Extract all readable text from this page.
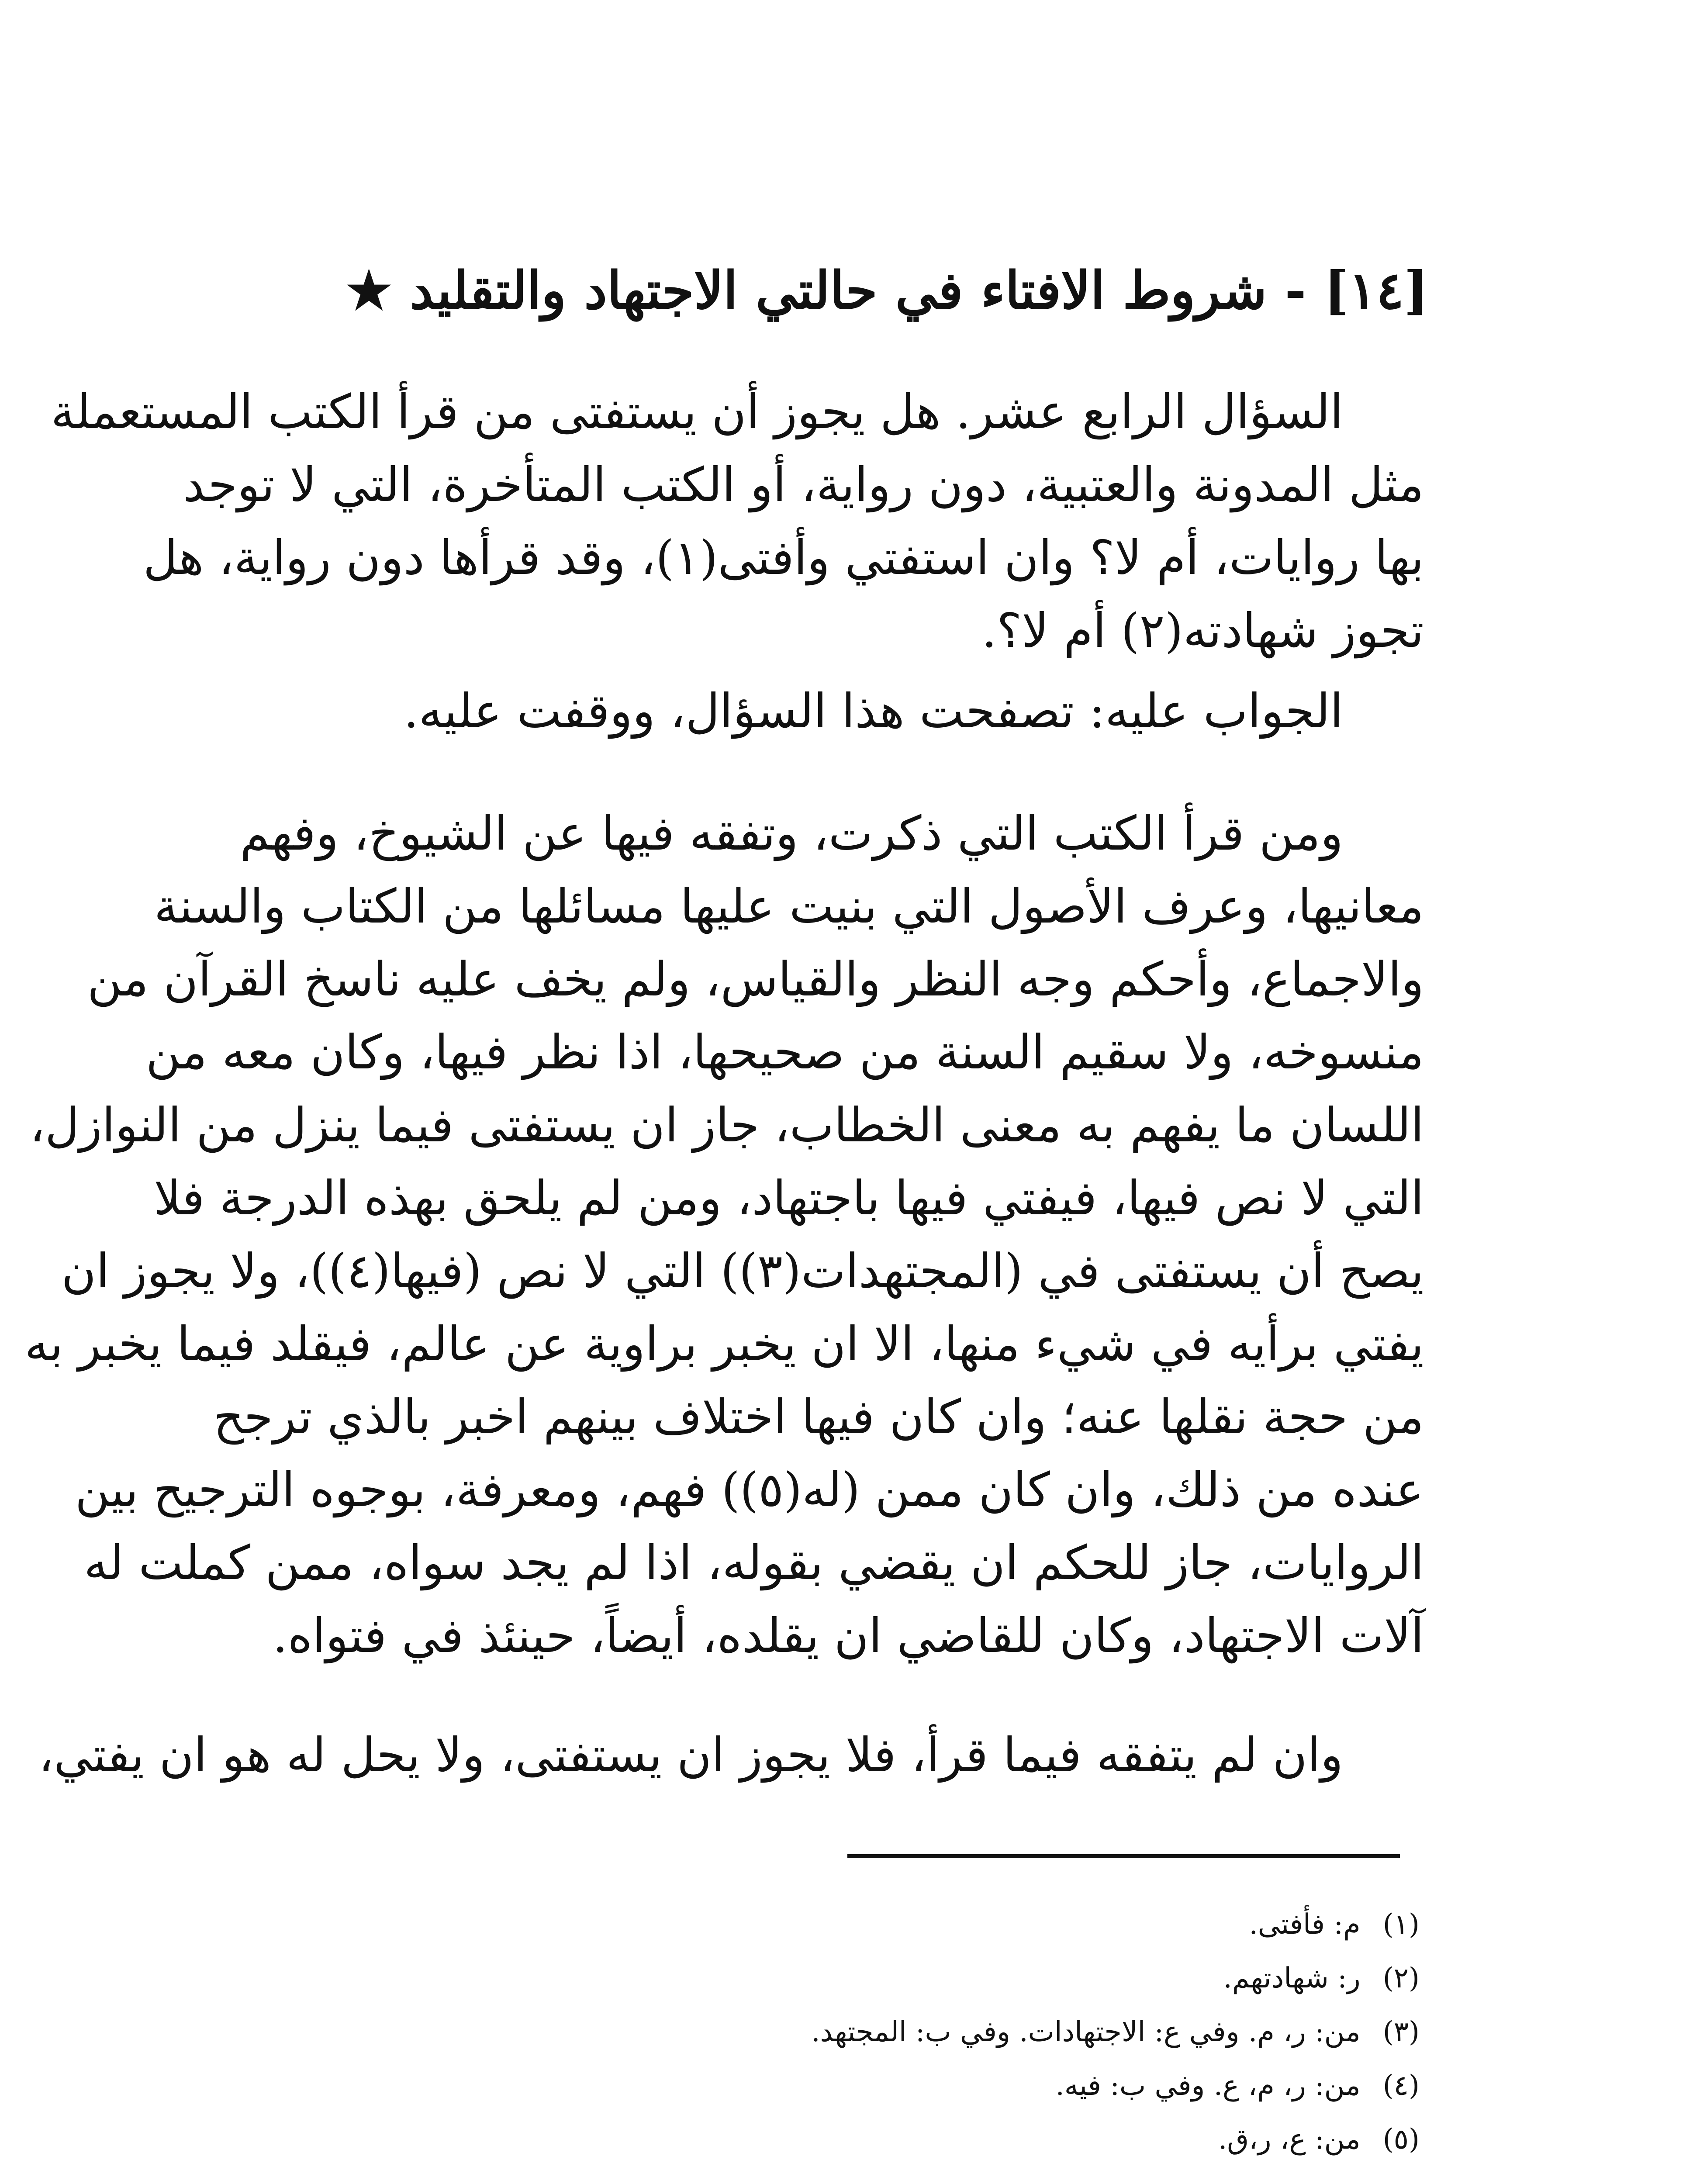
[١٤] - شروط الافتاء في حالتي الاجتهاد والتقليد ★

السؤال الرابع عشر. هل يجوز أن يستفتى من قرأ الكتب المستعملة
مثل المدونة والعتبية، دون رواية، أو الكتب المتأخرة، التي لا توجد
بها روايات، أم لا؟ وان استفتي وأفتى(١)، وقد قرأها دون رواية، هل
تجوز شهادته(٢) أم لا؟.

الجواب عليه: تصفحت هذا السؤال، ووقفت عليه.

ومن قرأ الكتب التي ذكرت، وتفقه فيها عن الشيوخ، وفهم
معانيها، وعرف الأصول التي بنيت عليها مسائلها من الكتاب والسنة
والاجماع، وأحكم وجه النظر والقياس، ولم يخف عليه ناسخ القرآن من
منسوخه، ولا سقيم السنة من صحيحها، اذا نظر فيها، وكان معه من
اللسان ما يفهم به معنى الخطاب، جاز ان يستفتى فيما ينزل من النوازل،
التي لا نص فيها، فيفتي فيها باجتهاد، ومن لم يلحق بهذه الدرجة فلا
يصح أن يستفتى في (المجتهدات(٣)) التي لا نص (فيها(٤))، ولا يجوز ان
يفتي برأيه في شيء منها، الا ان يخبر براوية عن عالم، فيقلد فيما يخبر به
من حجة نقلها عنه؛ وان كان فيها اختلاف بينهم اخبر بالذي ترجح
عنده من ذلك، وان كان ممن (له(٥)) فهم، ومعرفة، بوجوه الترجيح بين
الروايات، جاز للحكم ان يقضي بقوله، اذا لم يجد سواه، ممن كملت له
آلات الاجتهاد، وكان للقاضي ان يقلده، أيضاً، حينئذ في فتواه.

وان لم يتفقه فيما قرأ، فلا يجوز ان يستفتى، ولا يحل له هو ان يفتي،

(١) م: فأفتى.
(٢) ر: شهادتهم.
(٣) من: ر، م. وفي ع: الاجتهادات. وفي ب: المجتهد.
(٤) من: ر، م، ع. وفي ب: فيه.
(٥) من: ع، ر،ق.
